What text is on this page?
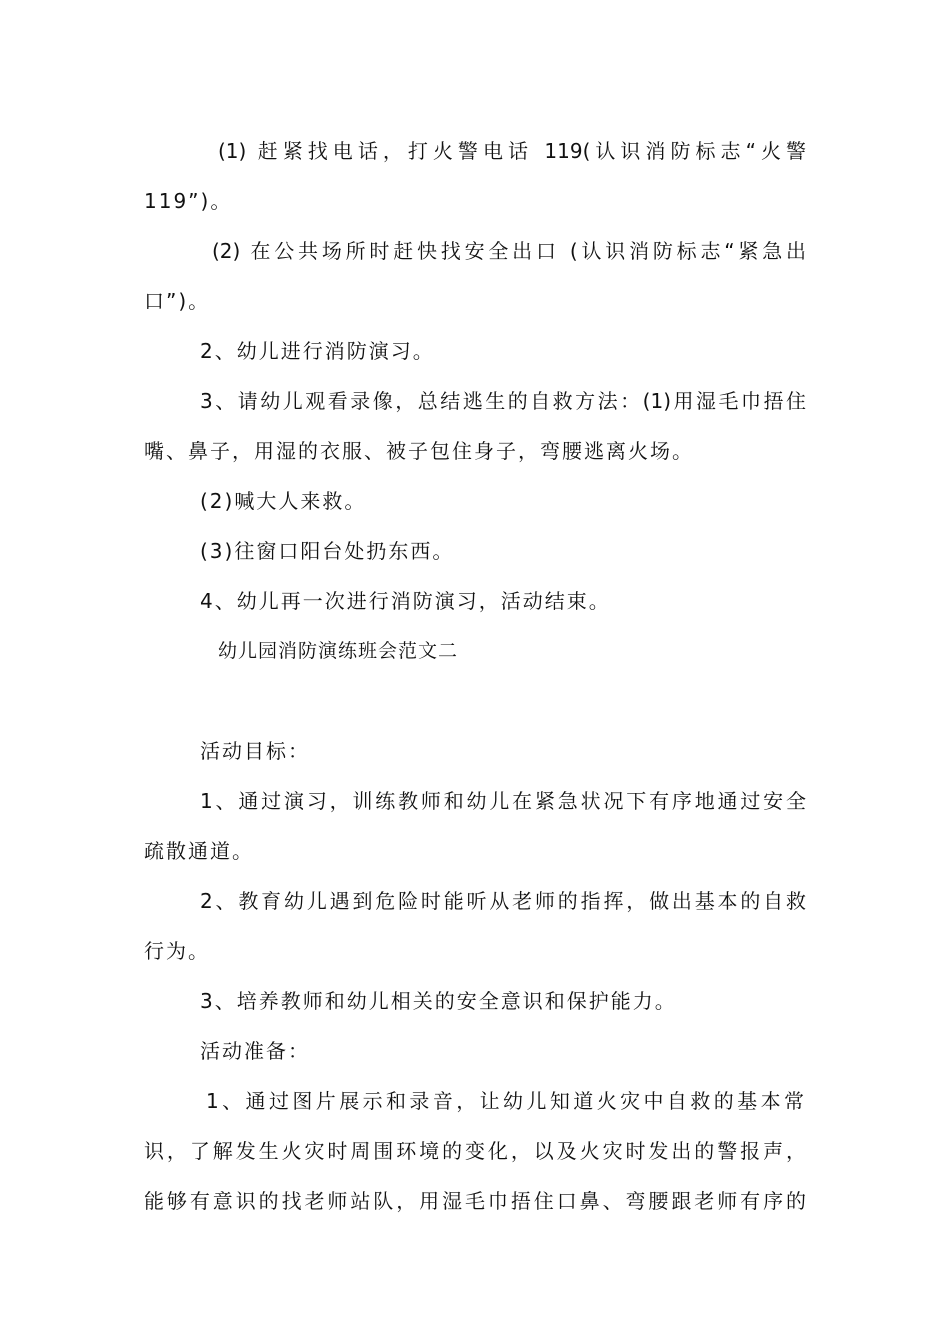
(1) 赶紧找电话，打火警电话 119(认识消防标志“火警

119”)。

(2) 在公共场所时赶快找安全出口 (认识消防标志“紧急出

口”)。

2、幼儿进行消防演习。

3、请幼儿观看录像，总结逃生的自救方法：(1)用湿毛巾捂住

嘴、鼻子，用湿的衣服、被子包住身子，弯腰逃离火场。

(2)喊大人来救。

(3)往窗口阳台处扔东西。

4、幼儿再一次进行消防演习，活动结束。

幼儿园消防演练班会范文二

活动目标：

1、通过演习，训练教师和幼儿在紧急状况下有序地通过安全

疏散通道。

2、教育幼儿遇到危险时能听从老师的指挥，做出基本的自救

行为。

3、培养教师和幼儿相关的安全意识和保护能力。

活动准备：

1、通过图片展示和录音，让幼儿知道火灾中自救的基本常

识，了解发生火灾时周围环境的变化，以及火灾时发出的警报声，

能够有意识的找老师站队，用湿毛巾捂住口鼻、弯腰跟老师有序的
